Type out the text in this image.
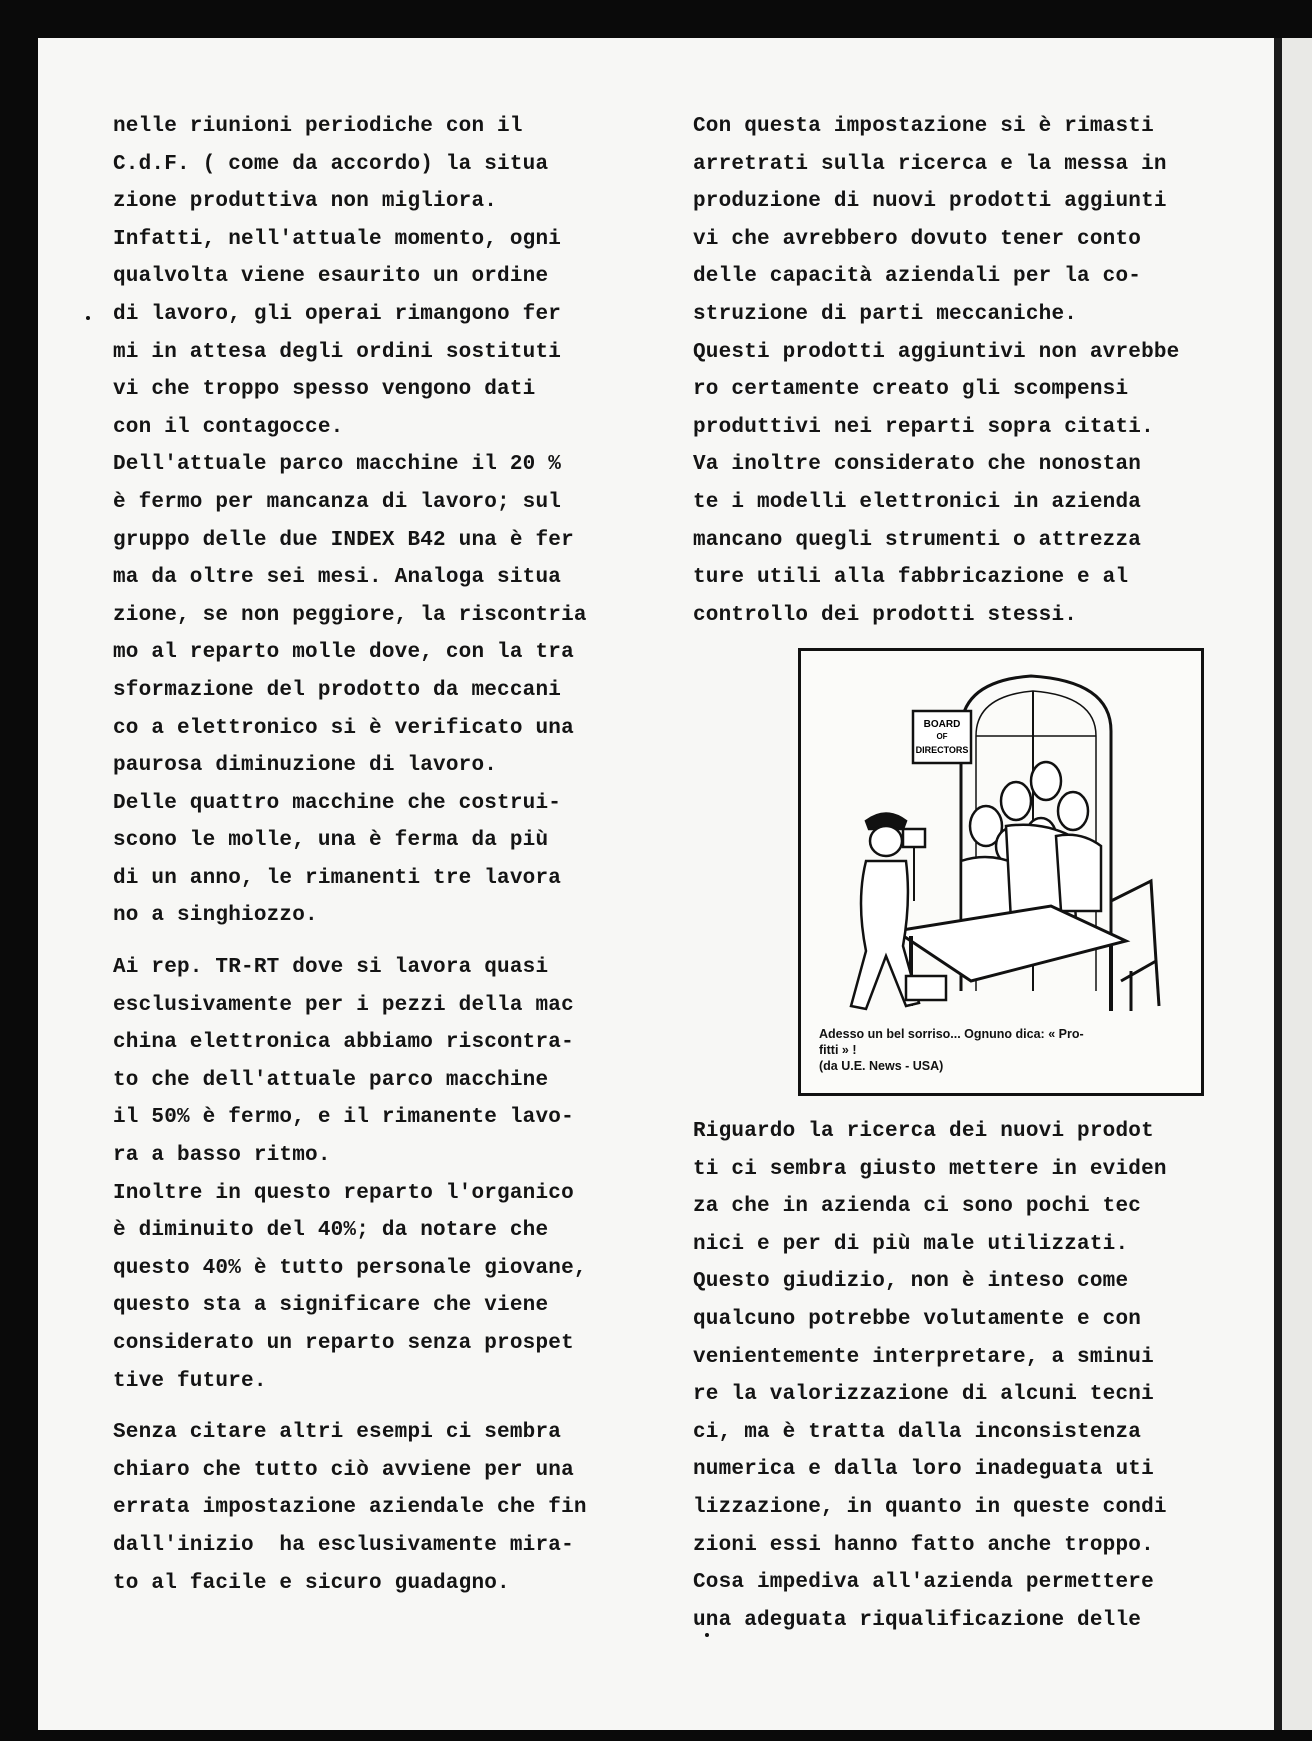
nelle riunioni periodiche con il
C.d.F. ( come da accordo) la situa
zione produttiva non migliora.
Infatti, nell'attuale momento, ogni
qualvolta viene esaurito un ordine
di lavoro, gli operai rimangono fer
mi in attesa degli ordini sostituti
vi che troppo spesso vengono dati
con il contagocce.
Dell'attuale parco macchine il 20 %
è fermo per mancanza di lavoro; sul
gruppo delle due INDEX B42 una è fer
ma da oltre sei mesi. Analoga situa
zione, se non peggiore, la riscontria
mo al reparto molle dove, con la tra
sformazione del prodotto da meccani
co a elettronico si è verificato una
paurosa diminuzione di lavoro.
Delle quattro macchine che costrui-
scono le molle, una è ferma da più
di un anno, le rimanenti tre lavora
no a singhiozzo.
Ai rep. TR-RT dove si lavora quasi
esclusivamente per i pezzi della mac
china elettronica abbiamo riscontra-
to che dell'attuale parco macchine
il 50% è fermo, e il rimanente lavo-
ra a basso ritmo.
Inoltre in questo reparto l'organico
è diminuito del 40%; da notare che
questo 40% è tutto personale giovane,
questo sta a significare che viene
considerato un reparto senza prospet
tive future.
Senza citare altri esempi ci sembra
chiaro che tutto ciò avviene per una
errata impostazione aziendale che fin
dall'inizio  ha esclusivamente mira-
to al facile e sicuro guadagno.
Con questa impostazione si è rimasti
arretrati sulla ricerca e la messa in
produzione di nuovi prodotti aggiunti
vi che avrebbero dovuto tener conto
delle capacità aziendali per la co-
struzione di parti meccaniche.
Questi prodotti aggiuntivi non avrebbe
ro certamente creato gli scompensi
produttivi nei reparti sopra citati.
Va inoltre considerato che nonostan
te i modelli elettronici in azienda
mancano quegli strumenti o attrezza
ture utili alla fabbricazione e al
controllo dei prodotti stessi.
BOARD
OF
DIRECTORS
Adesso un bel sorriso... Ognuno dica: « Pro-
fitti » !
(da U.E. News - USA)
Riguardo la ricerca dei nuovi prodot
ti ci sembra giusto mettere in eviden
za che in azienda ci sono pochi tec
nici e per di più male utilizzati.
Questo giudizio, non è inteso come
qualcuno potrebbe volutamente e con
venientemente interpretare, a sminui
re la valorizzazione di alcuni tecni
ci, ma è tratta dalla inconsistenza
numerica e dalla loro inadeguata uti
lizzazione, in quanto in queste condi
zioni essi hanno fatto anche troppo.
Cosa impediva all'azienda permettere
una adeguata riqualificazione delle
